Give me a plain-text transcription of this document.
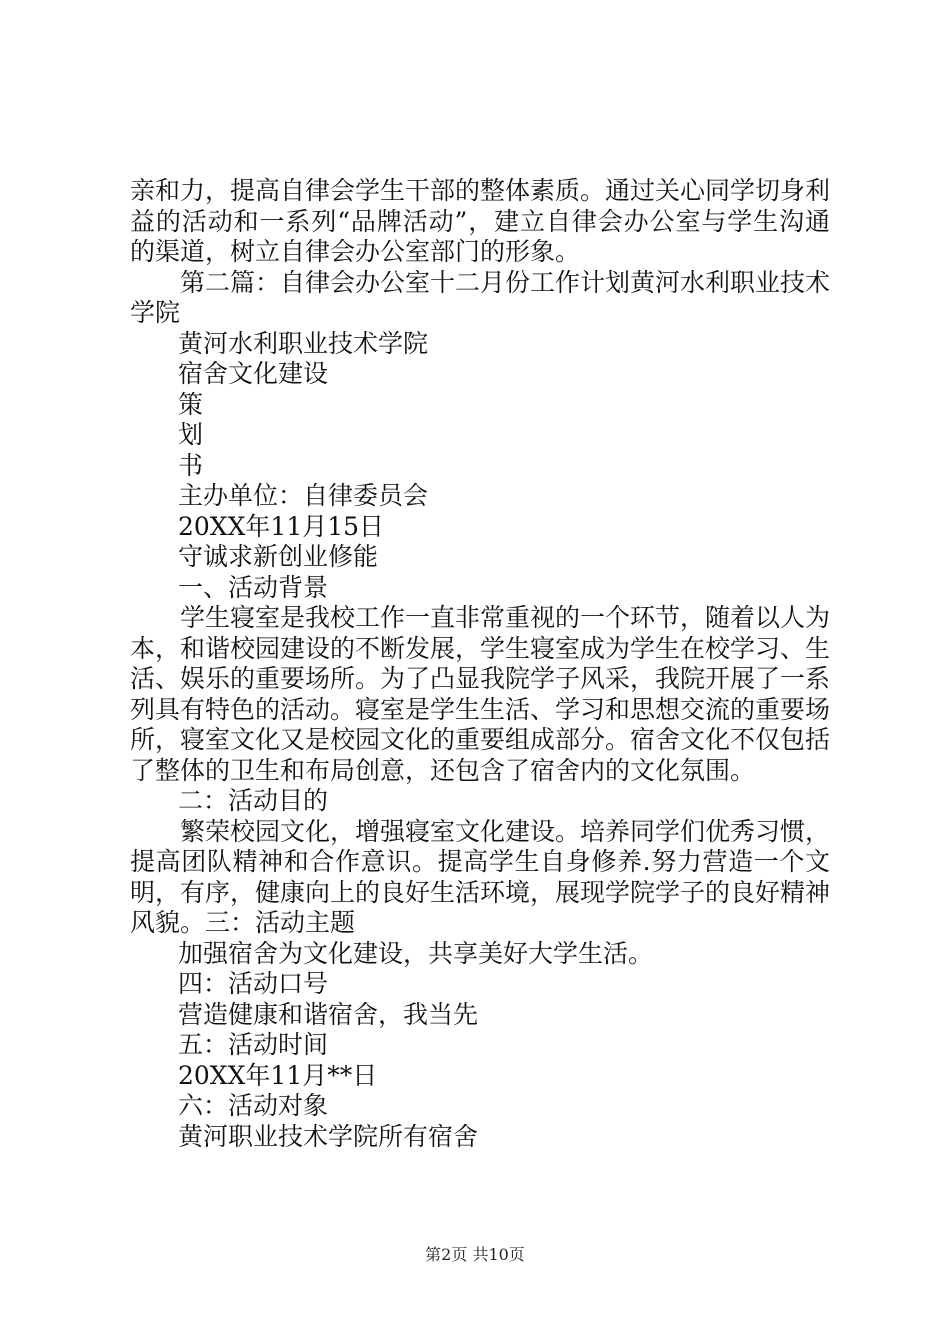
亲和力，提高自律会学生干部的整体素质。通过关心同学切身利益的活动和一系列“品牌活动”，建立自律会办公室与学生沟通的渠道，树立自律会办公室部门的形象。

第二篇：自律会办公室十二月份工作计划黄河水利职业技术学院

黄河水利职业技术学院

宿舍文化建设

策

划

书

主办单位：自律委员会

20XX年11月15日

守诚求新创业修能

一、活动背景

学生寝室是我校工作一直非常重视的一个环节，随着以人为本，和谐校园建设的不断发展，学生寝室成为学生在校学习、生活、娱乐的重要场所。为了凸显我院学子风采，我院开展了一系列具有特色的活动。寝室是学生生活、学习和思想交流的重要场所，寝室文化又是校园文化的重要组成部分。宿舍文化不仅包括了整体的卫生和布局创意，还包含了宿舍内的文化氛围。

二：活动目的

繁荣校园文化，增强寝室文化建设。培养同学们优秀习惯，提高团队精神和合作意识。提高学生自身修养.努力营造一个文明，有序，健康向上的良好生活环境，展现学院学子的良好精神风貌。三：活动主题

加强宿舍为文化建设，共享美好大学生活。

四：活动口号

营造健康和谐宿舍，我当先

五：活动时间

20XX年11月**日

六：活动对象

黄河职业技术学院所有宿舍

第2页 共10页
